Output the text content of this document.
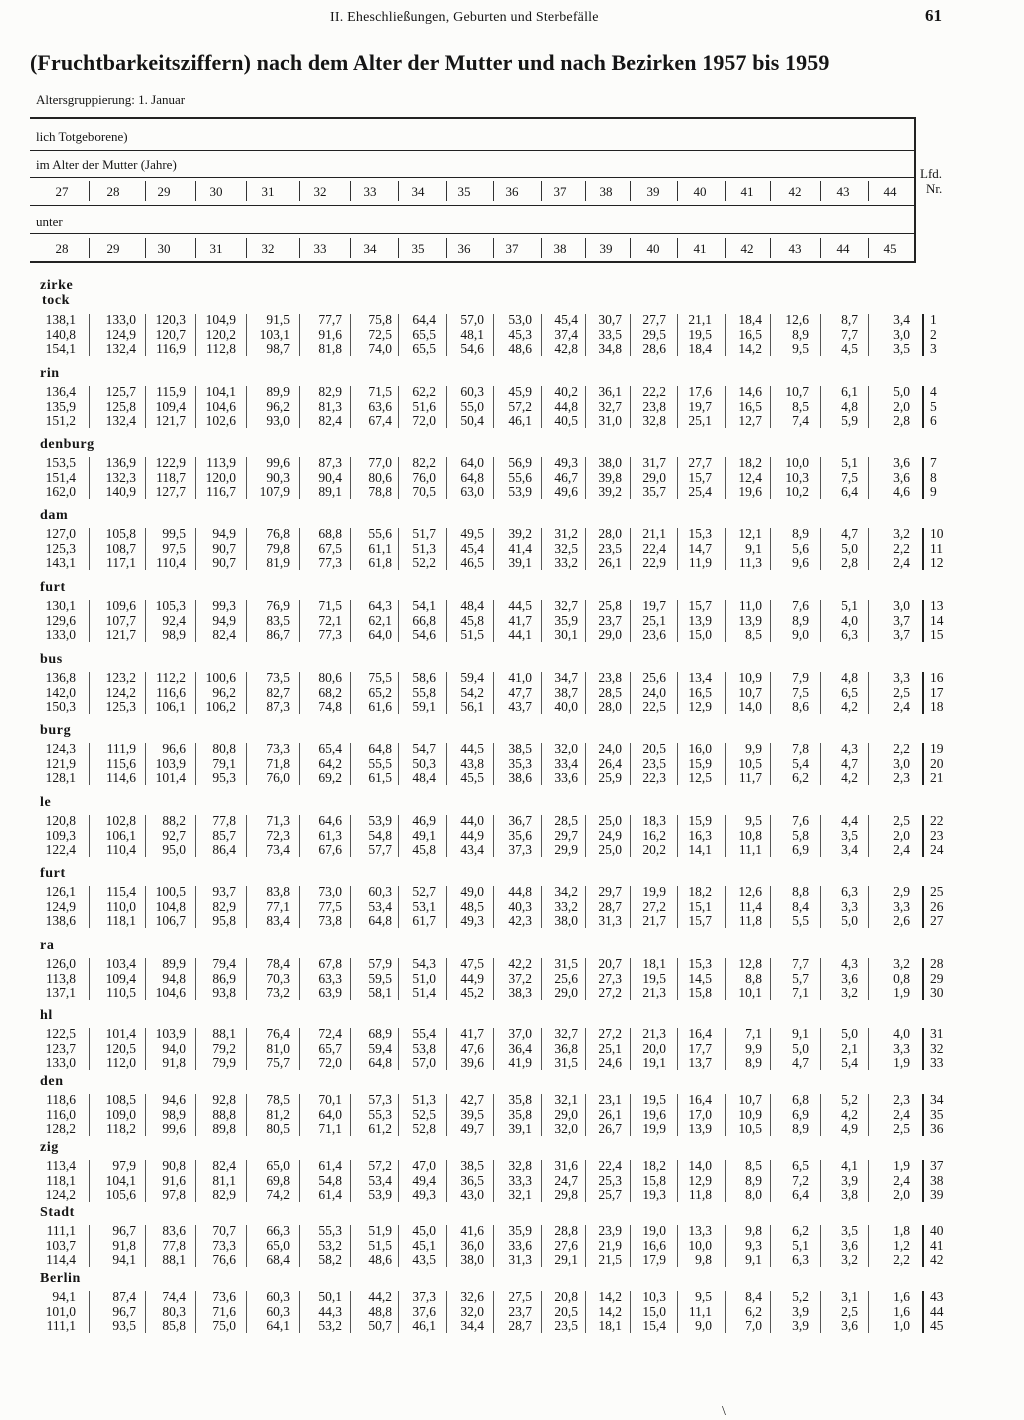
II. Eheschließungen, Geburten und Sterbefälle	61
(Fruchtbarkeitsziffern) nach dem Alter der Mutter und nach Bezirken 1957 bis 1959
Altersgruppierung: 1. Januar
lich Totgeborene)
im Alter der Mutter (Jahre)
27	28	29	30	31	32	33	34	35	36	37	38	39	40	41	42	43	44
unter
28	29	30	31	32	33	34	35	36	37	38	39	40	41	42	43	44	45
Lfd.
Nr.
zirke
tock
138,1 133,0 120,3 104,9 91,5 77,7 75,8 64,4 57,0 53,0 45,4 30,7 27,7 21,1 18,4 12,6 8,7	3,4 1
140,8 124,9 120,7 120,2 103,1 91,6 72,5 65,5 48,1 45,3 37,4 33,5 29,5 19,5 16,5 8,9 7,7	3,0 2
154,1 132,4 116,9 112,8 98,7 81,8 74,0 65,5 54,6 48,6 42,8 34,8 28,6 18,4 14,2 9,5 4,5	3,5 3
rin
136,4 125,7 115,9 104,1 89,9 82,9 71,5 62,2 60,3 45,9 40,2 36,1 22,2 17,6 14,6 10,7 6,1	5,0 4
135,9 125,8 109,4 104,6 96,2 81,3 63,6 51,6 55,0 57,2 44,8 32,7 23,8 19,7 16,5 8,5 4,8	2,0 5
151,2 132,4 121,7 102,6 93,0 82,4 67,4 72,0 50,4 46,1 40,5 31,0 32,8 25,1 12,7 7,4 5,9	2,8 6
denburg
153,5 136,9 122,9 113,9 99,6 87,3 77,0 82,2 64,0 56,9 49,3 38,0 31,7 27,7 18,2 10,0 5,1	3,6 7
151,4 132,3 118,7 120,0 90,3 90,4 80,6 76,0 64,8 55,6 46,7 39,8 29,0 15,7 12,4 10,3 7,5	3,6 8
162,0 140,9 127,7 116,7 107,9 89,1 78,8 70,5 63,0 53,9 49,6 39,2 35,7 25,4 19,6 10,2 6,4	4,6 9
dam
127,0 105,8 99,5 94,9 76,8 68,8 55,6 51,7 49,5 39,2 31,2 28,0 21,1 15,3 12,1 8,9 4,7	3,2 10
125,3 108,7 97,5 90,7 79,8 67,5 61,1 51,3 45,4 41,4 32,5 23,5 22,4 14,7 9,1 5,6 5,0	2,2 11
143,1 117,1 110,4 90,7 81,9 77,3 61,8 52,2 46,5 39,1 33,2 26,1 22,9 11,9 11,3 9,6 2,8	2,4 12
furt
130,1 109,6 105,3 99,3 76,9 71,5 64,3 54,1 48,4 44,5 32,7 25,8 19,7 15,7 11,0 7,6 5,1	3,0 13
129,6 107,7 92,4 94,9 83,5 72,1 62,1 66,8 45,8 41,7 35,9 23,7 25,1 13,9 13,9 8,9 4,0	3,7 14
133,0 121,7 98,9 82,4 86,7 77,3 64,0 54,6 51,5 44,1 30,1 29,0 23,6 15,0 8,5 9,0 6,3	3,7 15
bus
136,8 123,2 112,2 100,6 73,5 80,6 75,5 58,6 59,4 41,0 34,7 23,8 25,6 13,4 10,9 7,9 4,8	3,3 16
142,0 124,2 116,6 96,2 82,7 68,2 65,2 55,8 54,2 47,7 38,7 28,5 24,0 16,5 10,7 7,5 6,5	2,5 17
150,3 125,3 106,1 106,2 87,3 74,8 61,6 59,1 56,1 43,7 40,0 28,0 22,5 12,9 14,0 8,6 4,2	2,4 18
burg
124,3 111,9 96,6 80,8 73,3 65,4 64,8 54,7 44,5 38,5 32,0 24,0 20,5 16,0 9,9 7,8 4,3	2,2 19
121,9 115,6 103,9 79,1 71,8 64,2 55,5 50,3 43,8 35,3 33,4 26,4 23,5 15,9 10,5 5,4 4,7	3,0 20
128,1 114,6 101,4 95,3 76,0 69,2 61,5 48,4 45,5 38,6 33,6 25,9 22,3 12,5 11,7 6,2 4,2	2,3 21
le
120,8 102,8 88,2 77,8 71,3 64,6 53,9 46,9 44,0 36,7 28,5 25,0 18,3 15,9 9,5 7,6 4,4	2,5 22
109,3 106,1 92,7 85,7 72,3 61,3 54,8 49,1 44,9 35,6 29,7 24,9 16,2 16,3 10,8 5,8 3,5	2,0 23
122,4 110,4 95,0 86,4 73,4 67,6 57,7 45,8 43,4 37,3 29,9 25,0 20,2 14,1 11,1 6,9 3,4	2,4 24
furt
126,1 115,4 100,5 93,7 83,8 73,0 60,3 52,7 49,0 44,8 34,2 29,7 19,9 18,2 12,6 8,8 6,3	2,9 25
124,9 110,0 104,8 82,9 77,1 77,5 53,4 53,1 48,5 40,3 33,2 28,7 27,2 15,1 11,4 8,4 3,3	3,3 26
138,6 118,1 106,7 95,8 83,4 73,8 64,8 61,7 49,3 42,3 38,0 31,3 21,7 15,7 11,8 5,5 5,0	2,6 27
ra
126,0 103,4 89,9 79,4 78,4 67,8 57,9 54,3 47,5 42,2 31,5 20,7 18,1 15,3 12,8 7,7 4,3	3,2 28
113,8 109,4 94,8 86,9 70,3 63,3 59,5 51,0 44,9 37,2 25,6 27,3 19,5 14,5 8,8 5,7 3,6	0,8 29
137,1 110,5 104,6 93,8 73,2 63,9 58,1 51,4 45,2 38,3 29,0 27,2 21,3 15,8 10,1 7,1 3,2	1,9 30
hl
122,5 101,4 103,9 88,1 76,4 72,4 68,9 55,4 41,7 37,0 32,7 27,2 21,3 16,4 7,1 9,1 5,0	4,0 31
123,7 120,5 94,0 79,2 81,0 65,7 59,4 53,8 47,6 36,4 36,8 25,1 20,0 17,7 9,9 5,0 2,1	3,3 32
133,0 112,0 91,8 79,9 75,7 72,0 64,8 57,0 39,6 41,9 31,5 24,6 19,1 13,7 8,9 4,7 5,4	1,9 33
den
118,6 108,5 94,6 92,8 78,5 70,1 57,3 51,3 42,7 35,8 32,1 23,1 19,5 16,4 10,7 6,8 5,2	2,3 34
116,0 109,0 98,9 88,8 81,2 64,0 55,3 52,5 39,5 35,8 29,0 26,1 19,6 17,0 10,9 6,9 4,2	2,4 35
128,2 118,2 99,6 89,8 80,5 71,1 61,2 52,8 49,7 39,1 32,0 26,7 19,9 13,9 10,5 8,9 4,9	2,5 36
zig
113,4	97,9 90,8 82,4 65,0 61,4 57,2 47,0 38,5 32,8 31,6 22,4 18,2 14,0 8,5 6,5 4,1	1,9 37
118,1 104,1 91,6 81,1 69,8 54,8 53,4 49,4 36,5 33,3 24,7 25,3 15,8 12,9 8,9 7,2 3,9	2,4 38
124,2 105,6 97,8 82,9 74,2 61,4 53,9 49,3 43,0 32,1 29,8 25,7 19,3 11,8 8,0 6,4 3,8	2,0 39
Stadt
111,1	96,7 83,6 70,7 66,3 55,3 51,9 45,0 41,6 35,9 28,8 23,9 19,0 13,3 9,8 6,2 3,5	1,8 40
103,7	91,8 77,8 73,3 65,0 53,2 51,5 45,1 36,0 33,6 27,6 21,9 16,6 10,0 9,3 5,1 3,6	1,2 41
114,4	94,1 88,1 76,6 68,4 58,2 48,6 43,5 38,0 31,3 29,1 21,5 17,9 9,8 9,1 6,3 3,2	2,2 42
Berlin
94,1	87,4 74,4 73,6 60,3 50,1 44,2 37,3 32,6 27,5 20,8 14,2 10,3 9,5 8,4 5,2 3,1	1,6 43
101,0	96,7 80,3 71,6 60,3 44,3 48,8 37,6 32,0 23,7 20,5 14,2 15,0 11,1 6,2 3,9 2,5	1,6 44
111,1	93,5 85,8 75,0 64,1 53,2 50,7 46,1 34,4 28,7 23,5 18,1 15,4 9,0 7,0 3,9 3,6	1,0 45
\
